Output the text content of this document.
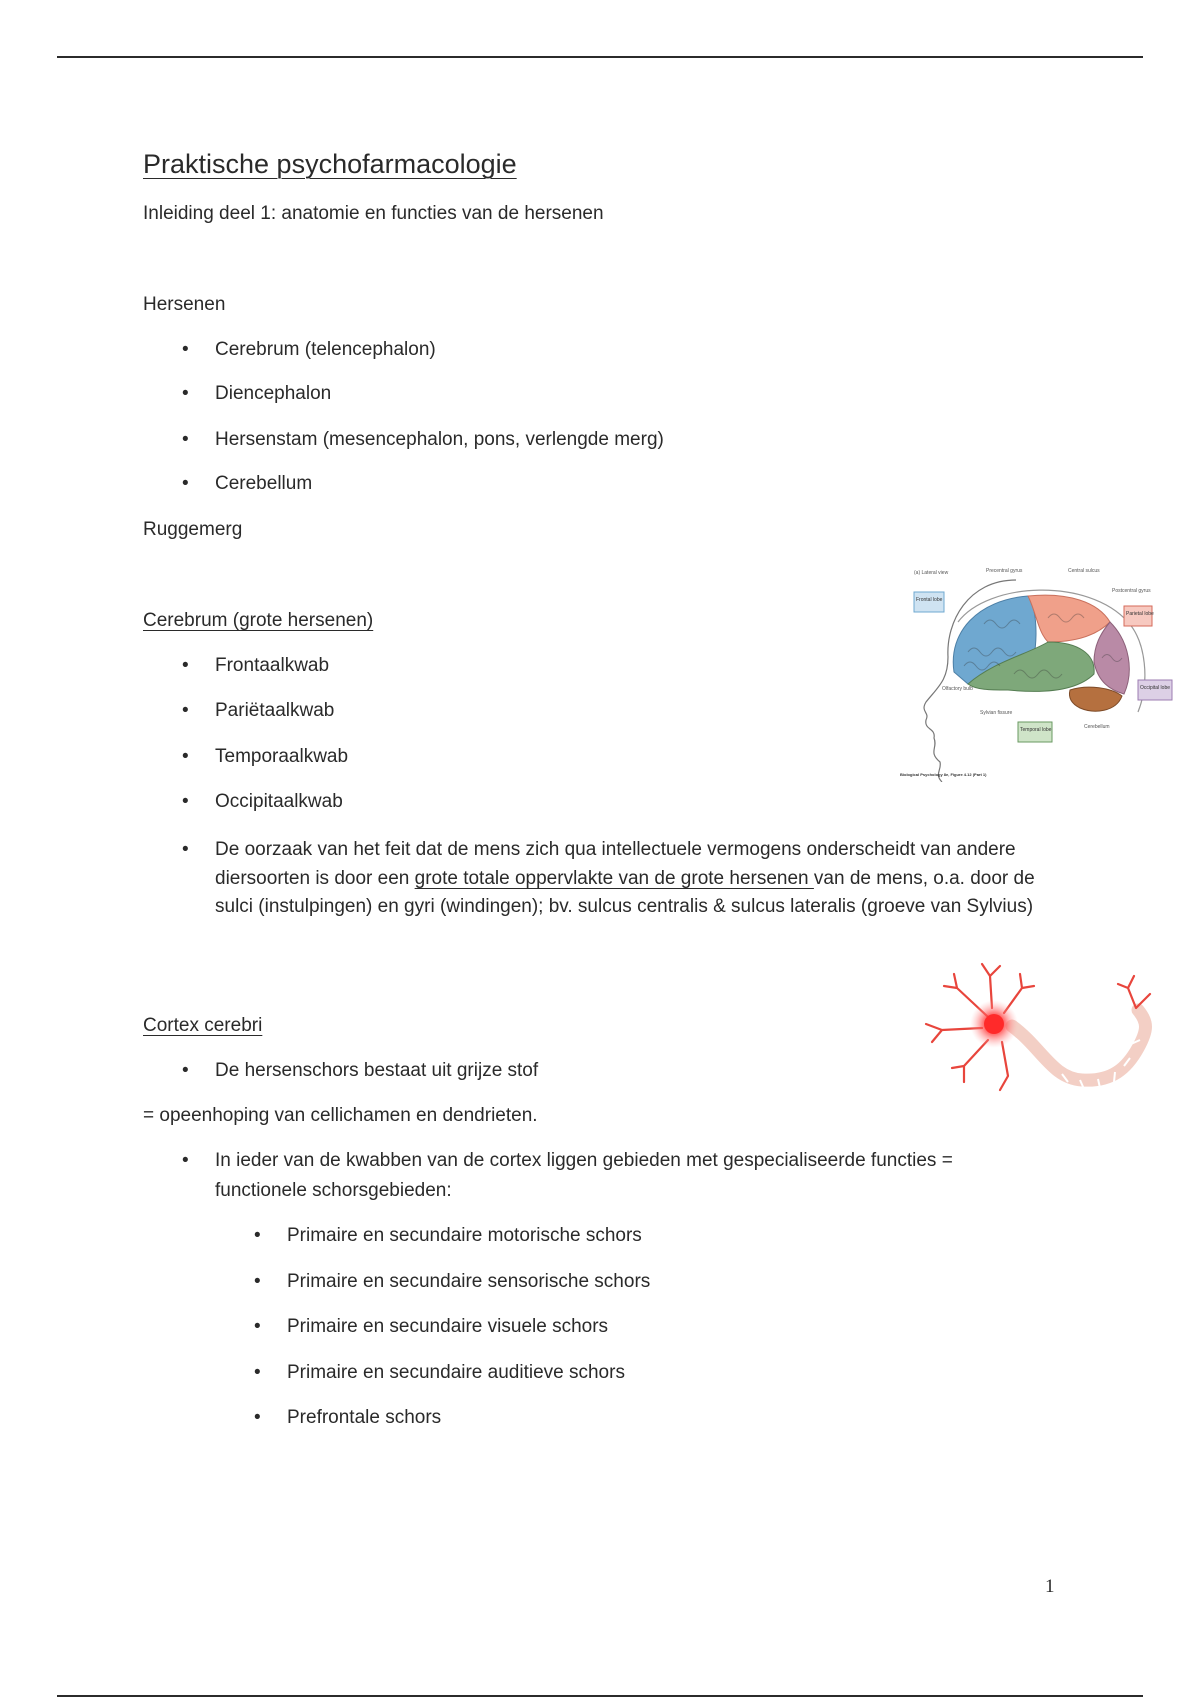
Praktische psychofarmacologie
Inleiding deel 1: anatomie en functies van de hersenen
Hersenen
• Cerebrum (telencephalon)
• Diencephalon
• Hersenstam (mesencephalon, pons, verlengde merg)
• Cerebellum
Ruggemerg
Cerebrum (grote hersenen)
• Frontaalkwab
• Pariëtaalkwab
• Temporaalkwab
• Occipitaalkwab
• De oorzaak van het feit dat de mens zich qua intellectuele vermogens onderscheidt van andere diersoorten is door een grote totale oppervlakte van de grote hersenen van de mens, o.a. door de sulci (instulpingen) en gyri (windingen); bv. sulcus centralis & sulcus lateralis (groeve van Sylvius)
Cortex cerebri
• De hersenschors bestaat uit grijze stof
= opeenhoping van cellichamen en dendrieten.
• In ieder van de kwabben van de cortex liggen gebieden met gespecialiseerde functies =
functionele schorsgebieden:
• Primaire en secundaire motorische schors
• Primaire en secundaire sensorische schors
• Primaire en secundaire visuele schors
• Primaire en secundaire auditieve schors
• Prefrontale schors
1
Frontal lobe
Parietal lobe
Occipital lobe
Temporal lobe
(a) Lateral view	Precentral gyrus	Central sulcus
Postcentral gyrus
Olfactory bulb
Sylvian fissure
Cerebellum
Biological Psychology 8e, Figure 4.12 (Part 1)
